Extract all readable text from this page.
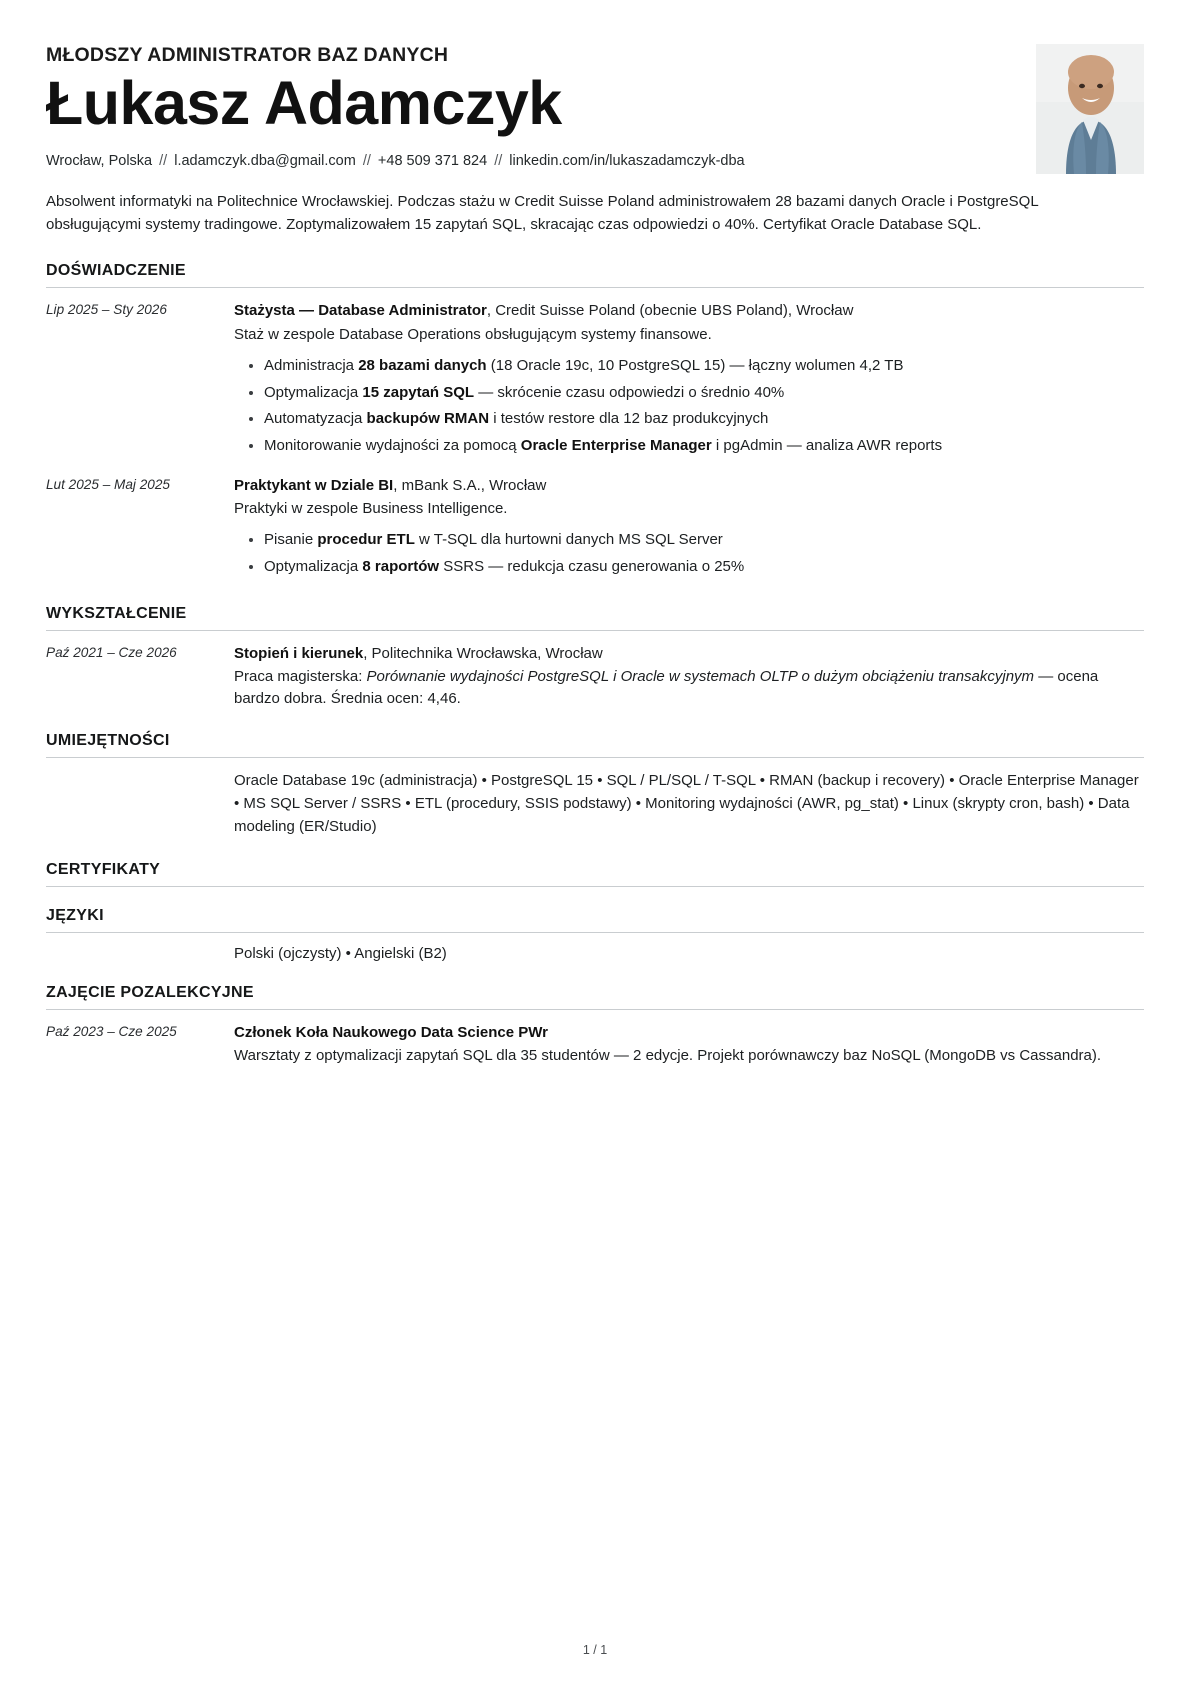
MŁODSZY ADMINISTRATOR BAZ DANYCH
Łukasz Adamczyk
Wrocław, Polska // l.adamczyk.dba@gmail.com // +48 509 371 824 // linkedin.com/in/lukaszadamczyk-dba
Absolwent informatyki na Politechnice Wrocławskiej. Podczas stażu w Credit Suisse Poland administrowałem 28 bazami danych Oracle i PostgreSQL obsługującymi systemy tradingowe. Zoptymalizowałem 15 zapytań SQL, skracając czas odpowiedzi o 40%. Certyfikat Oracle Database SQL.
DOŚWIADCZENIE
Lip 2025 – Sty 2026	Stażysta — Database Administrator, Credit Suisse Poland (obecnie UBS Poland), Wrocław
Staż w zespole Database Operations obsługującym systemy finansowe.
• Administracja 28 bazami danych (18 Oracle 19c, 10 PostgreSQL 15) — łączny wolumen 4,2 TB
• Optymalizacja 15 zapytań SQL — skrócenie czasu odpowiedzi o średnio 40%
• Automatyzacja backupów RMAN i testów restore dla 12 baz produkcyjnych
• Monitorowanie wydajności za pomocą Oracle Enterprise Manager i pgAdmin — analiza AWR reports
Lut 2025 – Maj 2025	Praktykant w Dziale BI, mBank S.A., Wrocław
Praktyki w zespole Business Intelligence.
• Pisanie procedur ETL w T-SQL dla hurtowni danych MS SQL Server
• Optymalizacja 8 raportów SSRS — redukcja czasu generowania o 25%
WYKSZTAŁCENIE
Paź 2021 – Cze 2026	Stopień i kierunek, Politechnika Wrocławska, Wrocław
Praca magisterska: Porównanie wydajności PostgreSQL i Oracle w systemach OLTP o dużym obciążeniu transakcyjnym — ocena bardzo dobra. Średnia ocen: 4,46.
UMIEJĘTNOŚCI
Oracle Database 19c (administracja) • PostgreSQL 15 • SQL / PL/SQL / T-SQL • RMAN (backup i recovery) • Oracle Enterprise Manager • MS SQL Server / SSRS • ETL (procedury, SSIS podstawy) • Monitoring wydajności (AWR, pg_stat) • Linux (skrypty cron, bash) • Data modeling (ER/Studio)
CERTYFIKATY
JĘZYKI
Polski (ojczysty) • Angielski (B2)
ZAJĘCIE POZALEKCYJNE
Paź 2023 – Cze 2025	Członek Koła Naukowego Data Science PWr
Warsztaty z optymalizacji zapytań SQL dla 35 studentów — 2 edycje. Projekt porównawczy baz NoSQL (MongoDB vs Cassandra).
1 / 1
